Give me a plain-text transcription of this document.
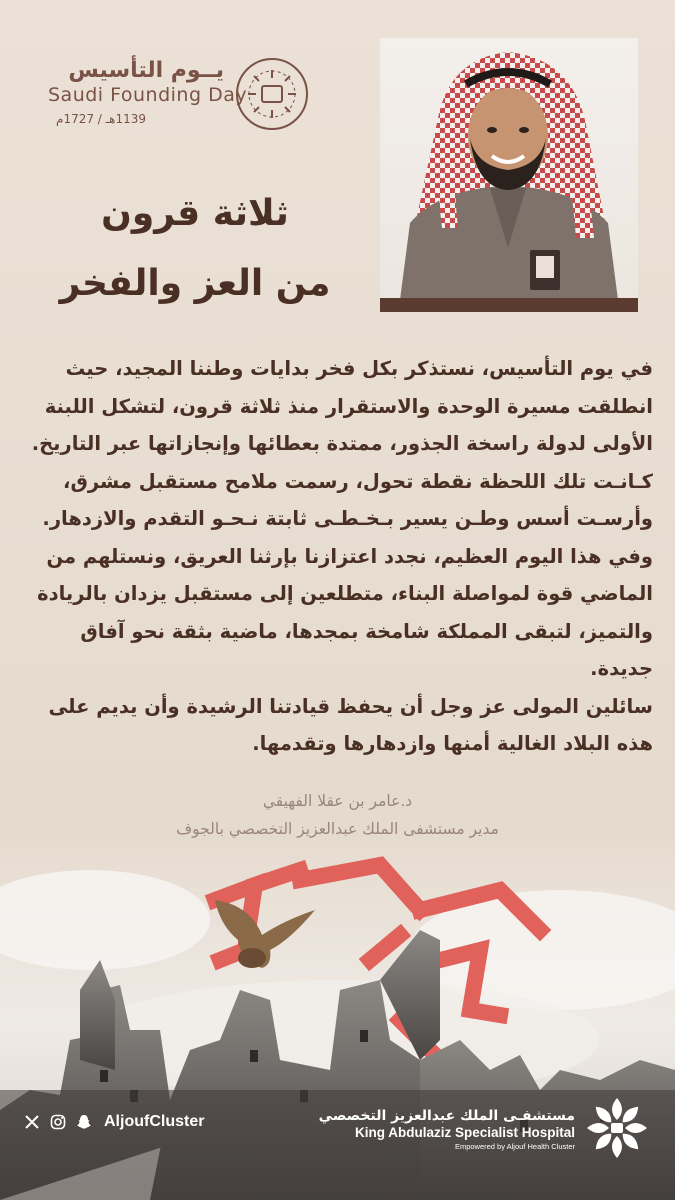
يــوم التأسيس
Saudi Founding Day
1139هـ / 1727م
ثلاثة قرون
من العز والفخر

في يوم التأسيس، نستذكر بكل فخر بدايات وطننا المجيد، حيث انطلقت مسيرة الوحدة والاستقرار منذ ثلاثة قرون، لتشكل اللبنة الأولى لدولة راسخة الجذور، ممتدة بعطائها وإنجازاتها عبر التاريخ.

كـانـت تلك اللحظة نقطة تحول، رسمت ملامح مستقبل مشرق، وأرسـت أسس وطـن يسير بـخـطـى ثابتة نـحـو التقدم والازدهار.

وفي هذا اليوم العظيم، نجدد اعتزازنا بإرثنا العريق، ونستلهم من الماضي قوة لمواصلة البناء، متطلعين إلى مستقبل يزدان بالريادة والتميز، لتبقى المملكة شامخة بمجدها، ماضية بثقة نحو آفاق جديدة.

سائلين المولى عز وجل أن يحفظ قيادتنا الرشيدة وأن يديم على هذه البلاد الغالية أمنها وازدهارها وتقدمها.

د.عامر بن عقلا الفهيقي
مدير مستشفى الملك عبدالعزيز التخصصي بالجوف
AljoufCluster	مستشفـى الملك عبدالعزيز التخصصي
King Abdulaziz Specialist Hospital
Empowered by Aljouf Health Cluster
